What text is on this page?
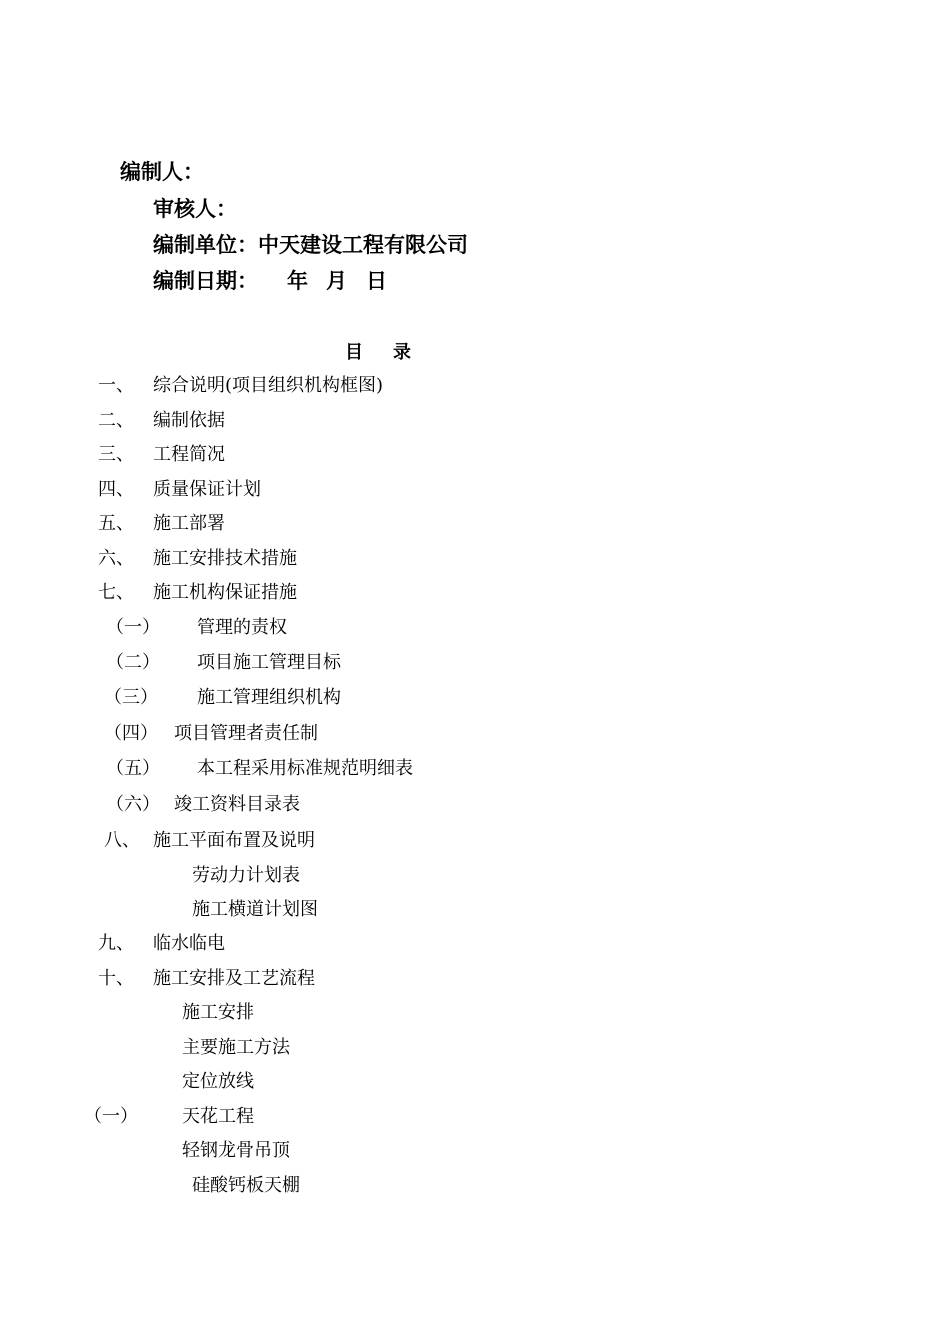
编制人：
审核人：
编制单位：中天建设工程有限公司
编制日期： 年 月 日
目 录
一、 综合说明(项目组织机构框图)
二、 编制依据
三、 工程简况
四、 质量保证计划
五、 施工部署
六、 施工安排技术措施
七、 施工机构保证措施
（一） 管理的责权
（二） 项目施工管理目标
（三） 施工管理组织机构
（四） 项目管理者责任制
（五） 本工程采用标准规范明细表
（六） 竣工资料目录表
八、 施工平面布置及说明
劳动力计划表
施工横道计划图
九、 临水临电
十、 施工安排及工艺流程
施工安排
主要施工方法
定位放线
（一） 天花工程
轻钢龙骨吊顶
硅酸钙板天棚
